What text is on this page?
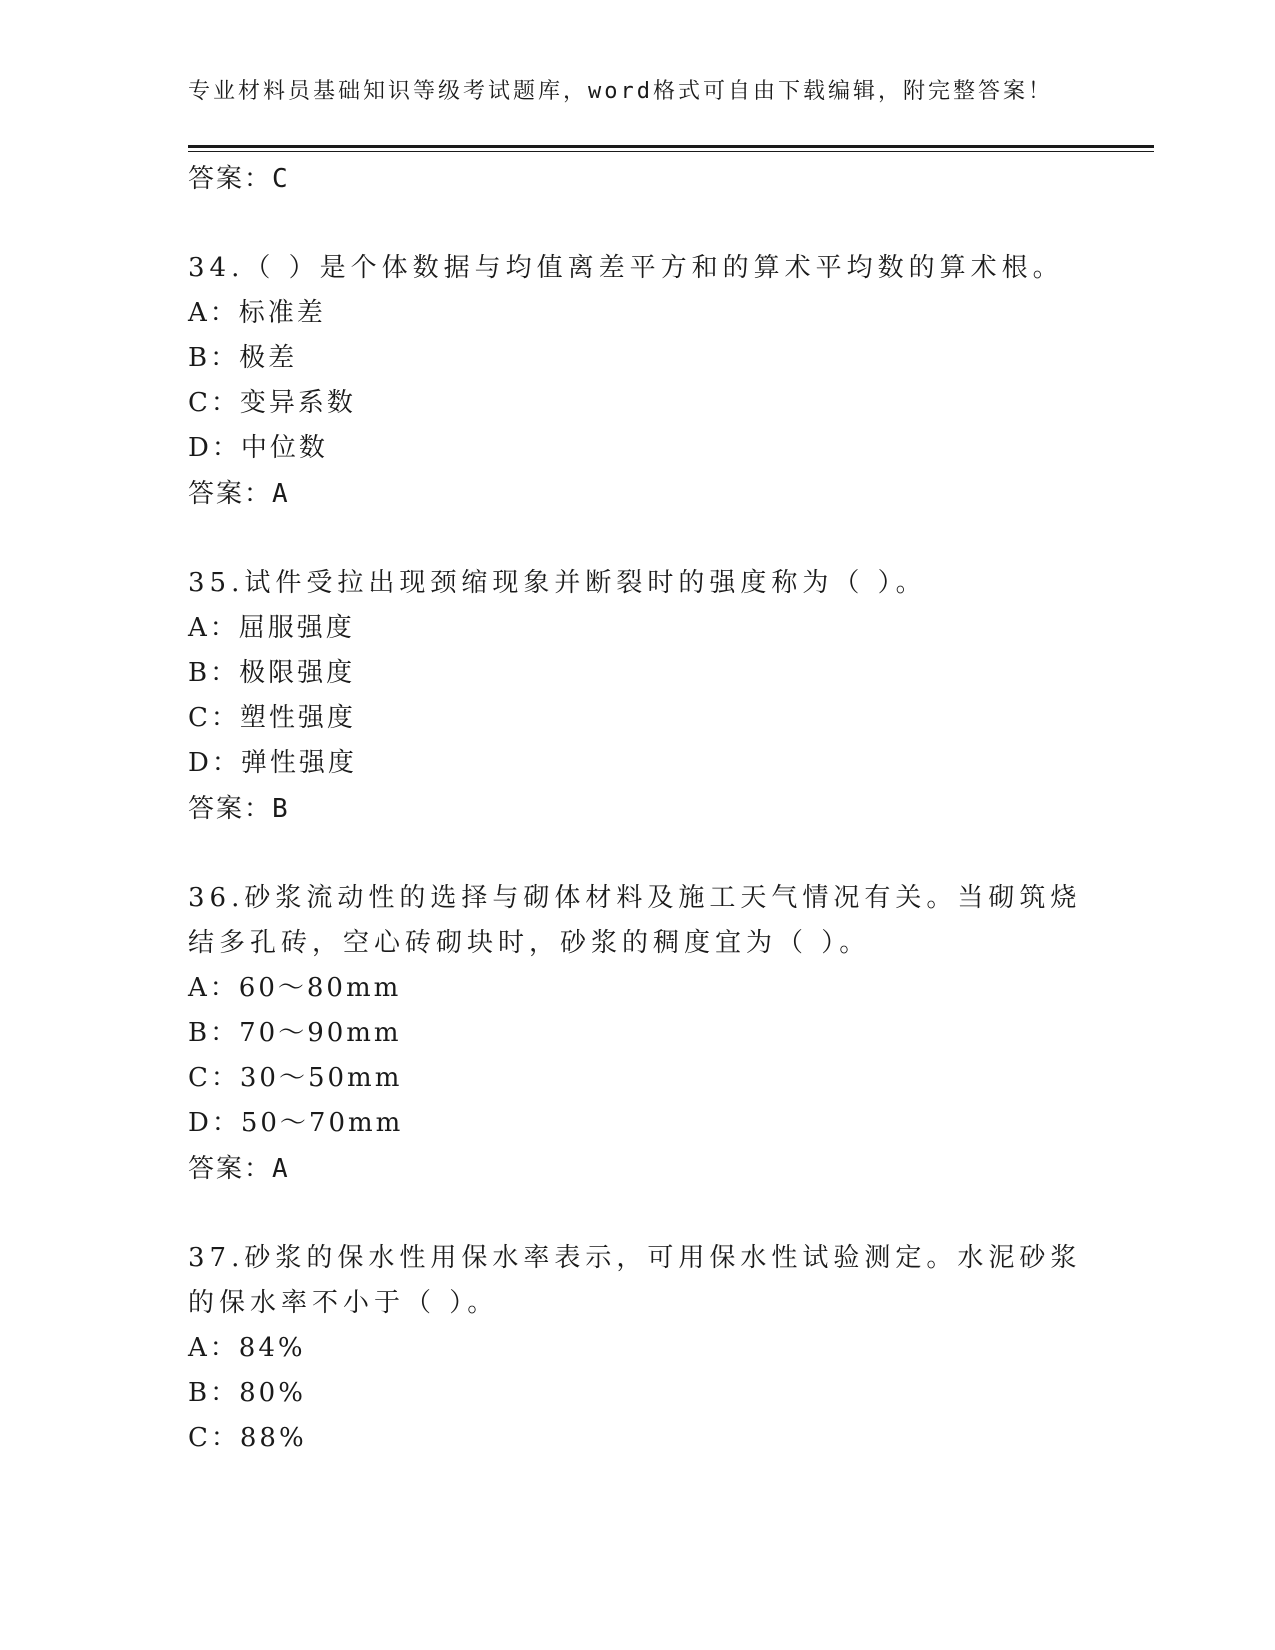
专业材料员基础知识等级考试题库，word格式可自由下载编辑，附完整答案！
答案：C
34.（ ）是个体数据与均值离差平方和的算术平均数的算术根。
A：标准差
B：极差
C：变异系数
D：中位数
答案：A
35.试件受拉出现颈缩现象并断裂时的强度称为（ ）。
A：屈服强度
B：极限强度
C：塑性强度
D：弹性强度
答案：B
36.砂浆流动性的选择与砌体材料及施工天气情况有关。当砌筑烧结多孔砖，空心砖砌块时，砂浆的稠度宜为（ ）。
A：60～80mm
B：70～90mm
C：30～50mm
D：50～70mm
答案：A
37.砂浆的保水性用保水率表示，可用保水性试验测定。水泥砂浆的保水率不小于（ ）。
A：84%
B：80%
C：88%
